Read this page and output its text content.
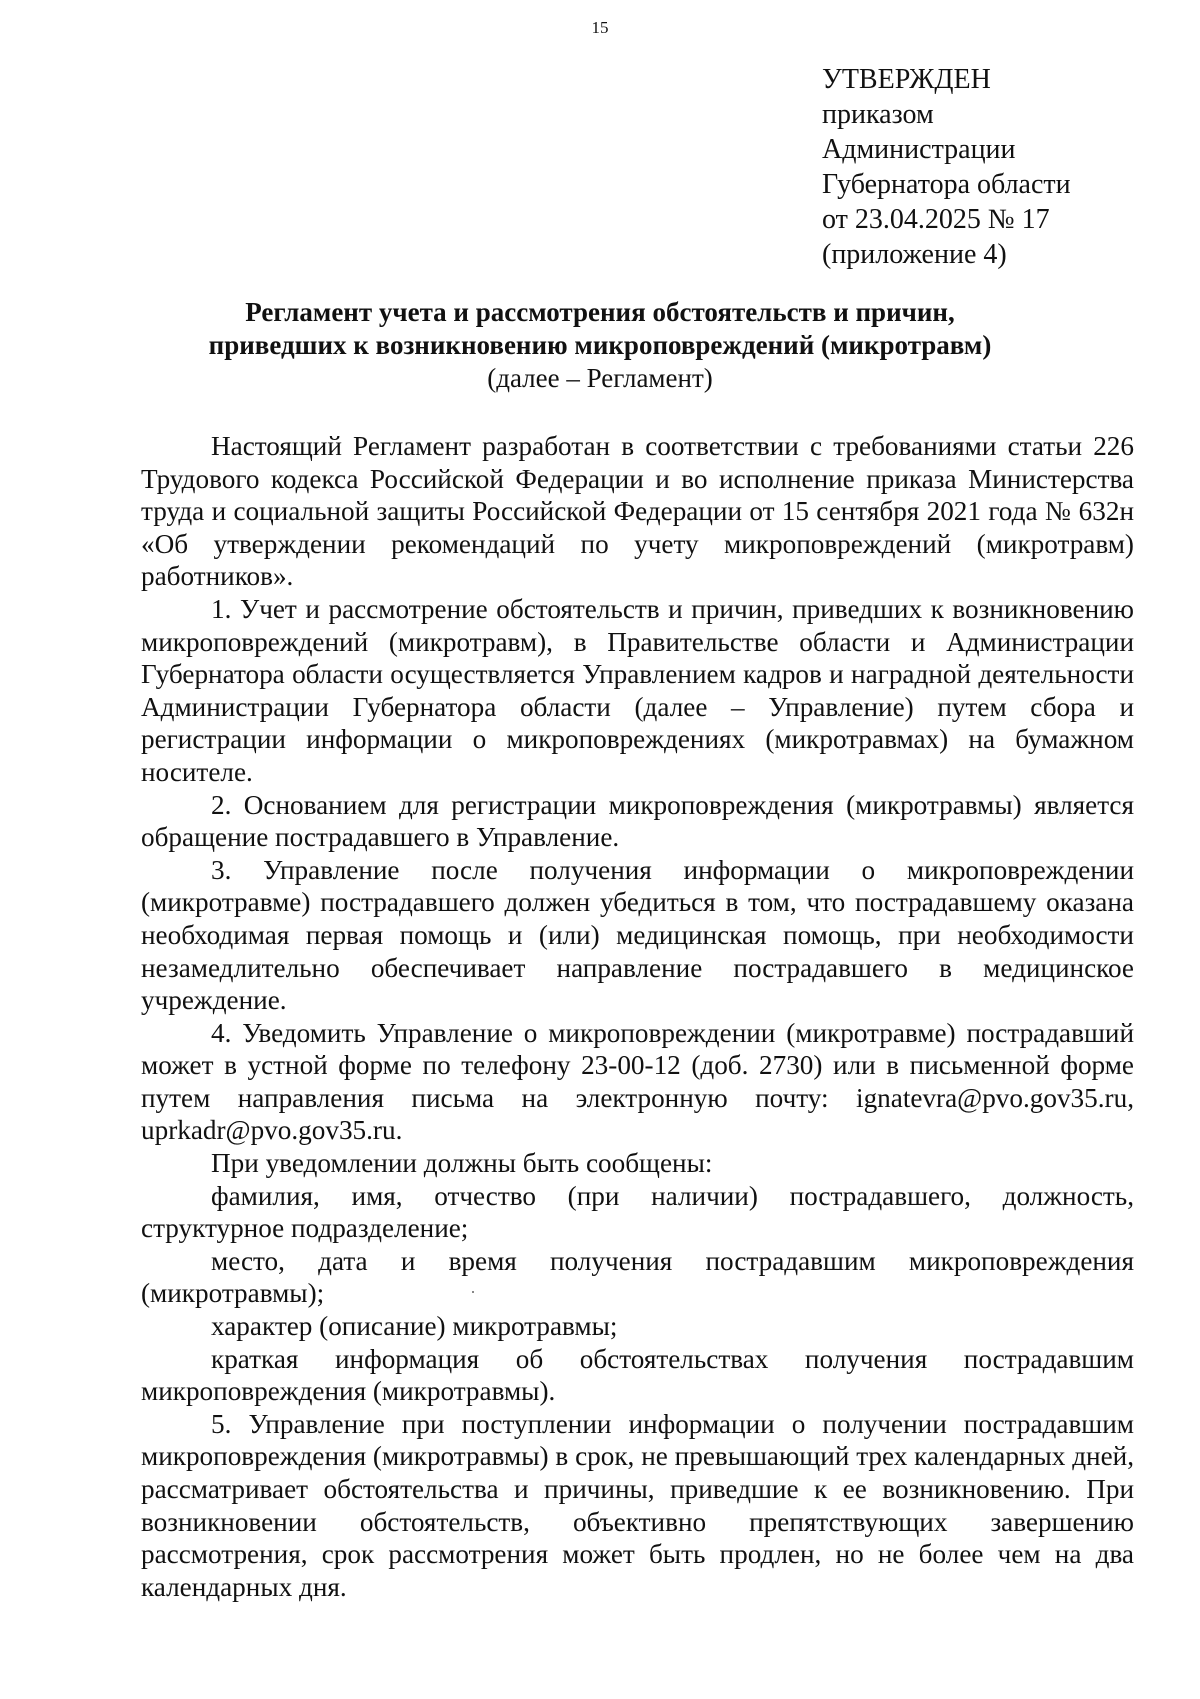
15
УТВЕРЖДЕН
приказом
Администрации
Губернатора области
от 23.04.2025 № 17
(приложение 4)
Регламент учета и рассмотрения обстоятельств и причин,
приведших к возникновению микроповреждений (микротравм)
(далее – Регламент)

Настоящий Регламент разработан в соответствии с требованиями статьи 226 Трудового кодекса Российской Федерации и во исполнение приказа Министерства труда и социальной защиты Российской Федерации от 15 сентября 2021 года № 632н «Об утверждении рекомендаций по учету микроповреждений (микротравм) работников».

1. Учет и рассмотрение обстоятельств и причин, приведших к возникновению микроповреждений (микротравм), в Правительстве области и Администрации Губернатора области осуществляется Управлением кадров и наградной деятельности Администрации Губернатора области (далее – Управление) путем сбора и регистрации информации о микроповреждениях (микротравмах) на бумажном носителе.

2. Основанием для регистрации микроповреждения (микротравмы) является обращение пострадавшего в Управление.

3. Управление после получения информации о микроповреждении (микротравме) пострадавшего должен убедиться в том, что пострадавшему оказана необходимая первая помощь и (или) медицинская помощь, при необходимости незамедлительно обеспечивает направление пострадавшего в медицинское учреждение.

4. Уведомить Управление о микроповреждении (микротравме) пострадавший может в устной форме по телефону 23-00-12 (доб. 2730) или в письменной форме путем направления письма на электронную почту: ignatevra@pvo.gov35.ru, uprkadr@pvo.gov35.ru.

При уведомлении должны быть сообщены:

фамилия, имя, отчество (при наличии) пострадавшего, должность, структурное подразделение;

место, дата и время получения пострадавшим микроповреждения (микротравмы);

характер (описание) микротравмы;

краткая информация об обстоятельствах получения пострадавшим микроповреждения (микротравмы).

5. Управление при поступлении информации о получении пострадавшим микроповреждения (микротравмы) в срок, не превышающий трех календарных дней, рассматривает обстоятельства и причины, приведшие к ее возникновению. При возникновении обстоятельств, объективно препятствующих завершению рассмотрения, срок рассмотрения может быть продлен, но не более чем на два календарных дня.
